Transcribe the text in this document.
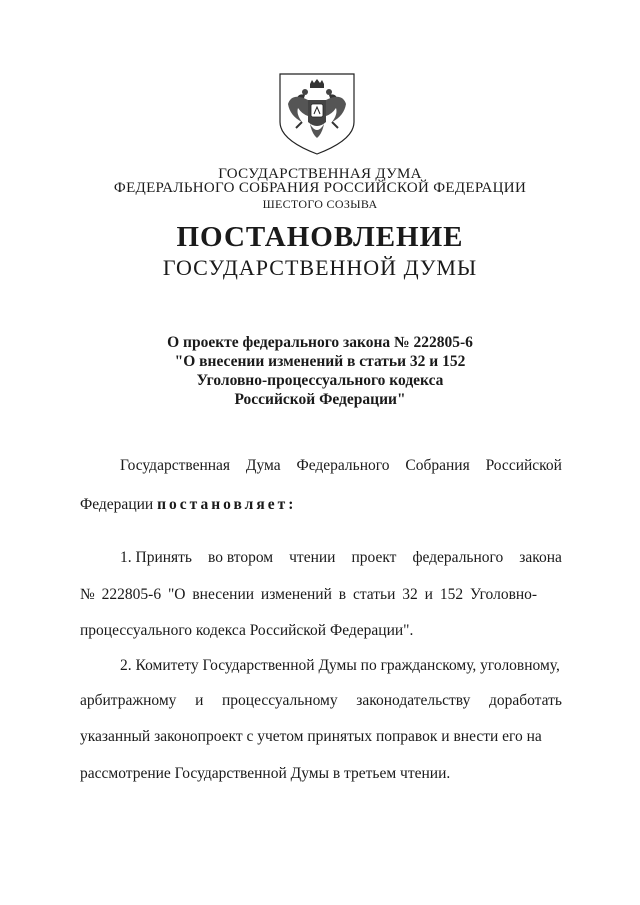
ГОСУДАРСТВЕННАЯ ДУМА
ФЕДЕРАЛЬНОГО СОБРАНИЯ РОССИЙСКОЙ ФЕДЕРАЦИИ
ШЕСТОГО СОЗЫВА
ПОСТАНОВЛЕНИЕ
ГОСУДАРСТВЕННОЙ ДУМЫ
О проекте федерального закона № 222805-6
"О внесении изменений в статьи 32 и 152
Уголовно-процессуального кодекса
Российской Федерации"
Государственная Дума Федерального Собрания Российской
Федерации постановляет:
1. Принять во втором чтении проект федерального закона
№ 222805-6 "О внесении изменений в статьи 32 и 152 Уголовно-
процессуального кодекса Российской Федерации".
2. Комитету Государственной Думы по гражданскому, уголовному,
арбитражному и процессуальному законодательству доработать
указанный законопроект с учетом принятых поправок и внести его на
рассмотрение Государственной Думы в третьем чтении.
